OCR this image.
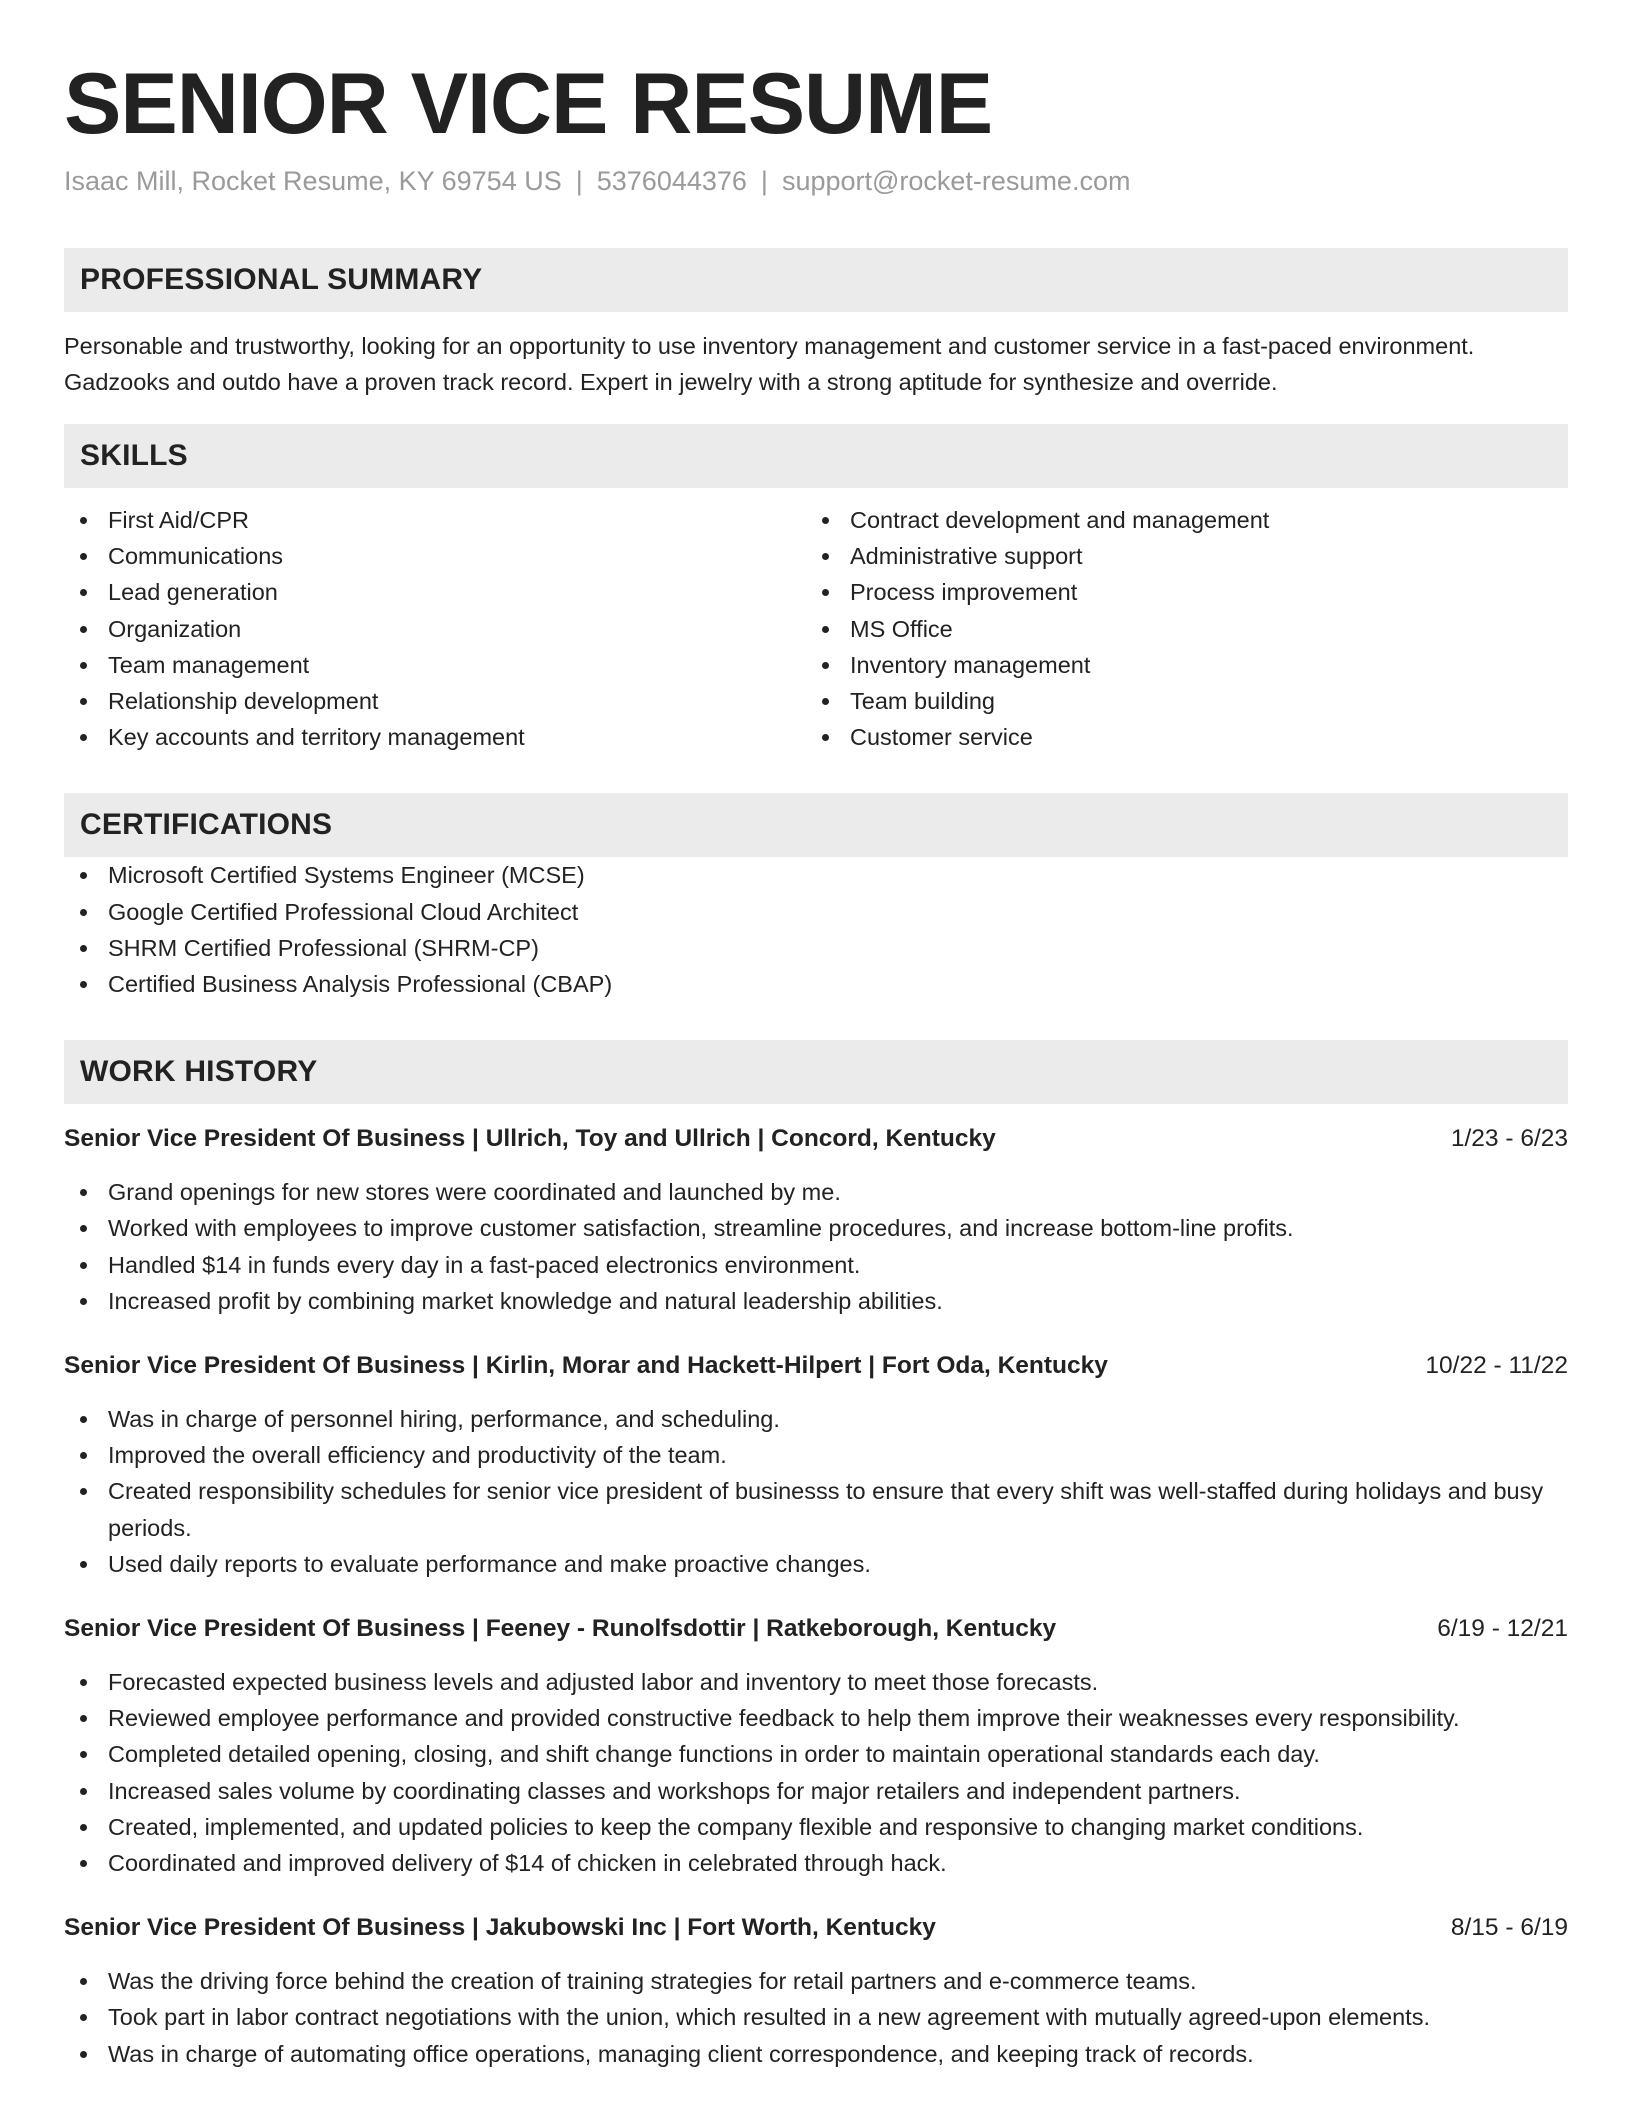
SENIOR VICE RESUME
Isaac Mill, Rocket Resume, KY 69754 US | 5376044376 | support@rocket-resume.com
PROFESSIONAL SUMMARY

Personable and trustworthy, looking for an opportunity to use inventory management and customer service in a fast-paced environment. Gadzooks and outdo have a proven track record. Expert in jewelry with a strong aptitude for synthesize and override.

SKILLS
First Aid/CPR
Communications
Lead generation
Organization
Team management
Relationship development
Key accounts and territory management
Contract development and management
Administrative support
Process improvement
MS Office
Inventory management
Team building
Customer service
CERTIFICATIONS
Microsoft Certified Systems Engineer (MCSE)
Google Certified Professional Cloud Architect
SHRM Certified Professional (SHRM-CP)
Certified Business Analysis Professional (CBAP)
WORK HISTORY
Senior Vice President Of Business | Ullrich, Toy and Ullrich | Concord, Kentucky	1/23 - 6/23
Grand openings for new stores were coordinated and launched by me.
Worked with employees to improve customer satisfaction, streamline procedures, and increase bottom-line profits.
Handled $14 in funds every day in a fast-paced electronics environment.
Increased profit by combining market knowledge and natural leadership abilities.
Senior Vice President Of Business | Kirlin, Morar and Hackett-Hilpert | Fort Oda, Kentucky	10/22 - 11/22
Was in charge of personnel hiring, performance, and scheduling.
Improved the overall efficiency and productivity of the team.
Created responsibility schedules for senior vice president of businesss to ensure that every shift was well-staffed during holidays and busy periods.
Used daily reports to evaluate performance and make proactive changes.
Senior Vice President Of Business | Feeney - Runolfsdottir | Ratkeborough, Kentucky	6/19 - 12/21
Forecasted expected business levels and adjusted labor and inventory to meet those forecasts.
Reviewed employee performance and provided constructive feedback to help them improve their weaknesses every responsibility.
Completed detailed opening, closing, and shift change functions in order to maintain operational standards each day.
Increased sales volume by coordinating classes and workshops for major retailers and independent partners.
Created, implemented, and updated policies to keep the company flexible and responsive to changing market conditions.
Coordinated and improved delivery of $14 of chicken in celebrated through hack.
Senior Vice President Of Business | Jakubowski Inc | Fort Worth, Kentucky	8/15 - 6/19
Was the driving force behind the creation of training strategies for retail partners and e-commerce teams.
Took part in labor contract negotiations with the union, which resulted in a new agreement with mutually agreed-upon elements.
Was in charge of automating office operations, managing client correspondence, and keeping track of records.
